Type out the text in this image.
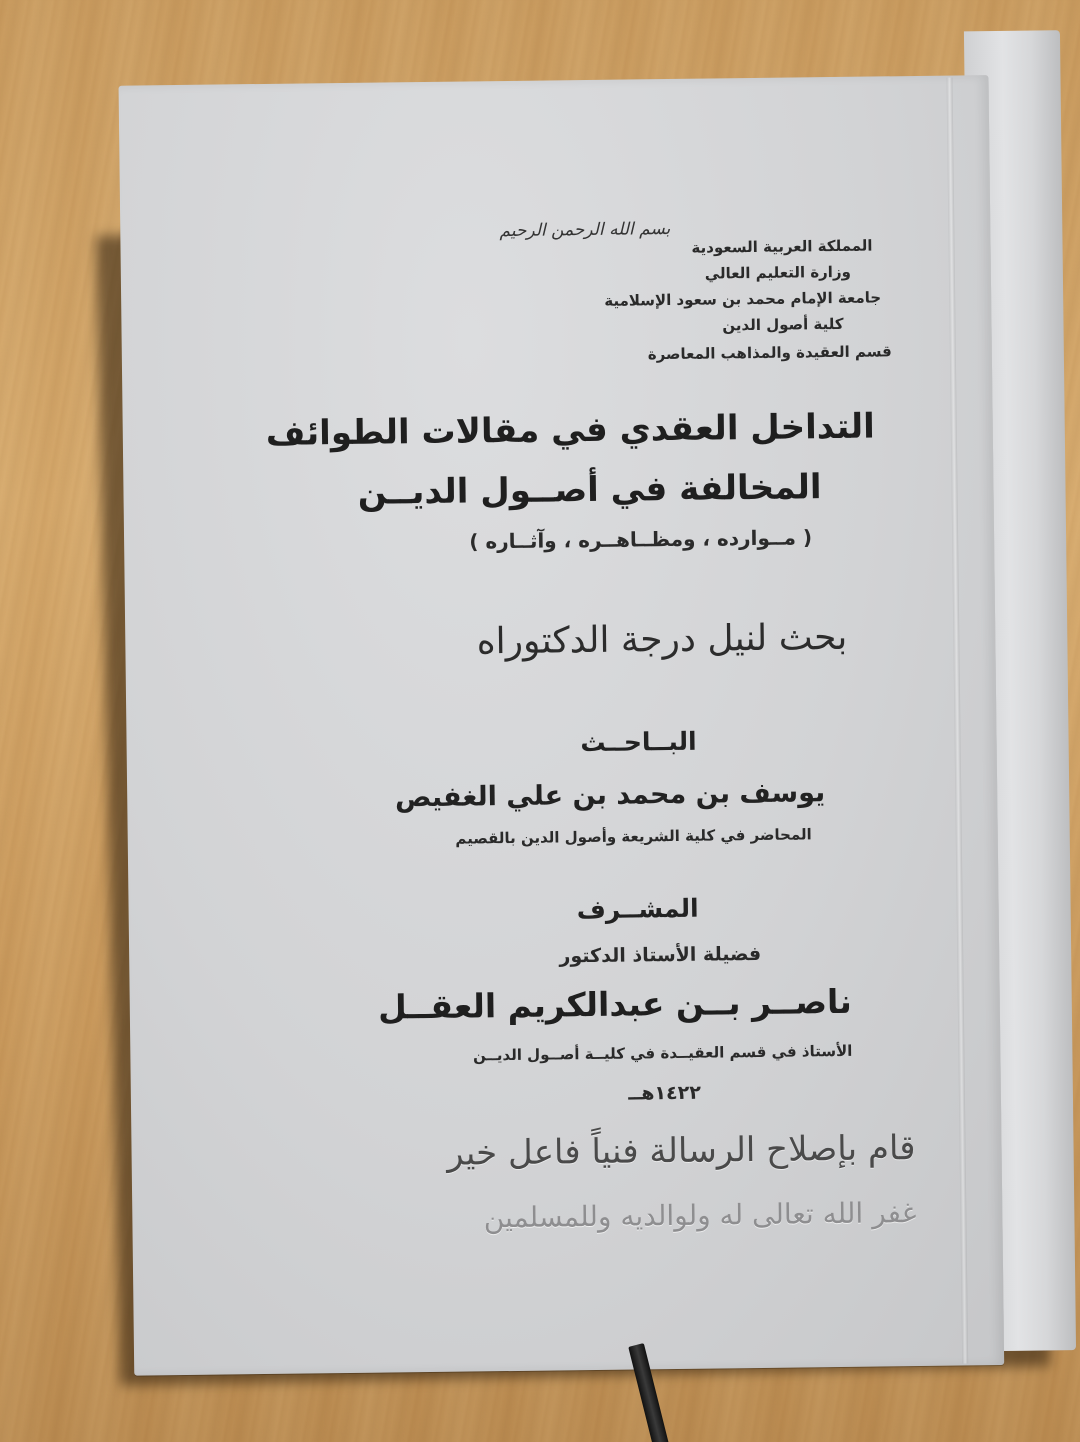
بسم الله الرحمن الرحيم
المملكة العربية السعودية
وزارة التعليم العالي
جامعة الإمام محمد بن سعود الإسلامية
كلية أصول الدين
قسم العقيدة والمذاهب المعاصرة
التداخل العقدي في مقالات الطوائف
المخالفة في أصــول الديــن
( مــوارده ، ومظــاهــره ، وآثــاره )
بحث لنيل درجة الدكتوراه
البــاحــث
يوسف بن محمد بن علي الغفيص
المحاضر في كلية الشريعة وأصول الدين بالقصيم
المشــرف
فضيلة الأستاذ الدكتور
ناصــر بــن عبدالكريم العقــل
الأستاذ في قسم العقيــدة في كليــة أصــول الديــن
١٤٢٢هــ
قام بإصلاح الرسالة فنياً فاعل خير
غفر الله تعالى له ولوالديه وللمسلمين
